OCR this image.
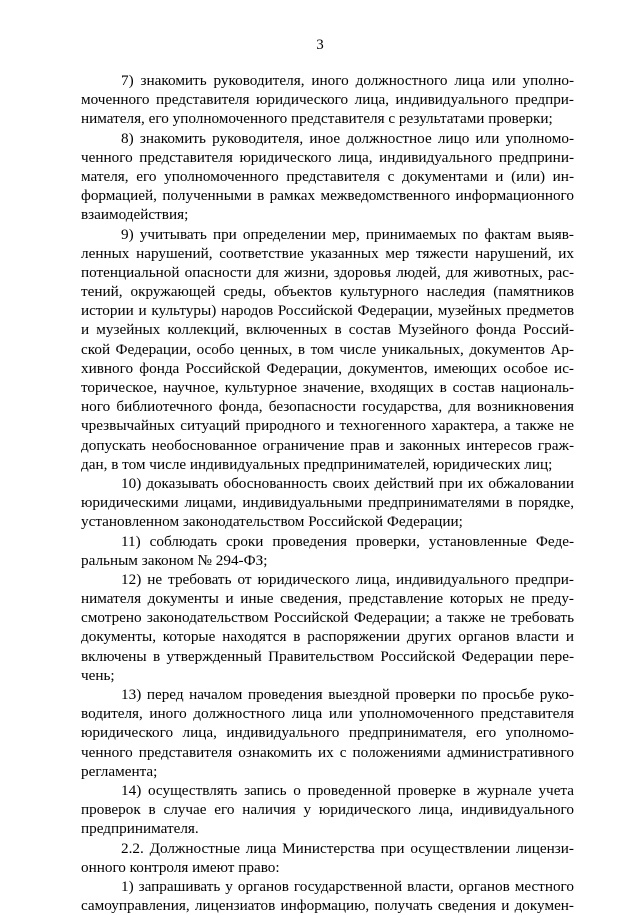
3
7) знакомить руководителя, иного должностного лица или уполно-
моченного представителя юридического лица, индивидуального предпри-
нимателя, его уполномоченного представителя с результатами проверки;
8) знакомить руководителя, иное должностное лицо или уполномо-
ченного представителя юридического лица, индивидуального предприни-
мателя, его уполномоченного представителя с документами и (или) ин-
формацией, полученными в рамках межведомственного информационного
взаимодействия;
9) учитывать при определении мер, принимаемых по фактам выяв-
ленных нарушений, соответствие указанных мер тяжести нарушений, их
потенциальной опасности для жизни, здоровья людей, для животных, рас-
тений, окружающей среды, объектов культурного наследия (памятников
истории и культуры) народов Российской Федерации, музейных предметов
и музейных коллекций, включенных в состав Музейного фонда Россий-
ской Федерации, особо ценных, в том числе уникальных, документов Ар-
хивного фонда Российской Федерации, документов, имеющих особое ис-
торическое, научное, культурное значение, входящих в состав националь-
ного библиотечного фонда, безопасности государства, для возникновения
чрезвычайных ситуаций природного и техногенного характера, а также не
допускать необоснованное ограничение прав и законных интересов граж-
дан, в том числе индивидуальных предпринимателей, юридических лиц;
10) доказывать обоснованность своих действий при их обжаловании
юридическими лицами, индивидуальными предпринимателями в порядке,
установленном законодательством Российской Федерации;
11) соблюдать сроки проведения проверки, установленные Феде-
ральным законом № 294-ФЗ;
12) не требовать от юридического лица, индивидуального предпри-
нимателя документы и иные сведения, представление которых не преду-
смотрено законодательством Российской Федерации; а также не требовать
документы, которые находятся в распоряжении других органов власти и
включены в утвержденный Правительством Российской Федерации пере-
чень;
13) перед началом проведения выездной проверки по просьбе руко-
водителя, иного должностного лица или уполномоченного представителя
юридического лица, индивидуального предпринимателя, его уполномо-
ченного представителя ознакомить их с положениями административного
регламента;
14) осуществлять запись о проведенной проверке в журнале учета
проверок в случае его наличия у юридического лица, индивидуального
предпринимателя.
2.2. Должностные лица Министерства при осуществлении лицензи-
онного контроля имеют право:
1) запрашивать у органов государственной власти, органов местного
самоуправления, лицензиатов информацию, получать сведения и докумен-
